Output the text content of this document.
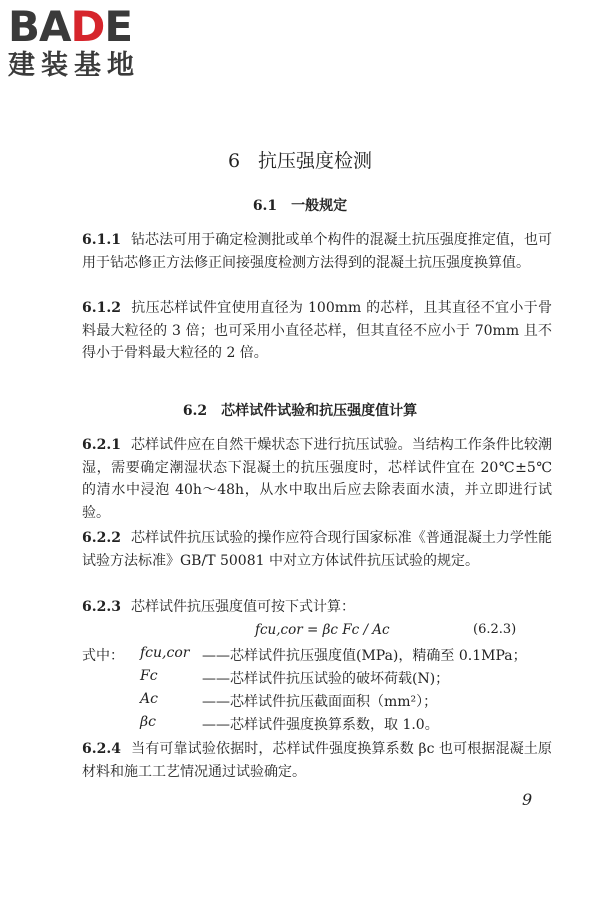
BADE
建装基地
6 抗压强度检测
6.1　一般规定
6.1.1 钻芯法可用于确定检测批或单个构件的混凝土抗压强度推定值，也可用于钻芯修正方法修正间接强度检测方法得到的混凝土抗压强度换算值。
6.1.2 抗压芯样试件宜使用直径为 100mm 的芯样，且其直径不宜小于骨料最大粒径的 3 倍；也可采用小直径芯样，但其直径不应小于 70mm 且不得小于骨料最大粒径的 2 倍。
6.2　芯样试件试验和抗压强度值计算
6.2.1 芯样试件应在自然干燥状态下进行抗压试验。当结构工作条件比较潮湿，需要确定潮湿状态下混凝土的抗压强度时，芯样试件宜在 20℃±5℃ 的清水中浸泡 40h～48h，从水中取出后应去除表面水渍，并立即进行试验。
6.2.2 芯样试件抗压试验的操作应符合现行国家标准《普通混凝土力学性能试验方法标准》GB/T 50081 中对立方体试件抗压试验的规定。
6.2.3 芯样试件抗压强度值可按下式计算：
fcu,cor = βc Fc / Ac	(6.2.3)
式中： fcu,cor ——芯样试件抗压强度值(MPa)，精确至 0.1MPa；
Fc	——芯样试件抗压试验的破坏荷载(N)；
Ac	——芯样试件抗压截面面积（mm²）；
βc	——芯样试件强度换算系数，取 1.0。
6.2.4 当有可靠试验依据时，芯样试件强度换算系数 βc 也可根据混凝土原材料和施工工艺情况通过试验确定。
9
